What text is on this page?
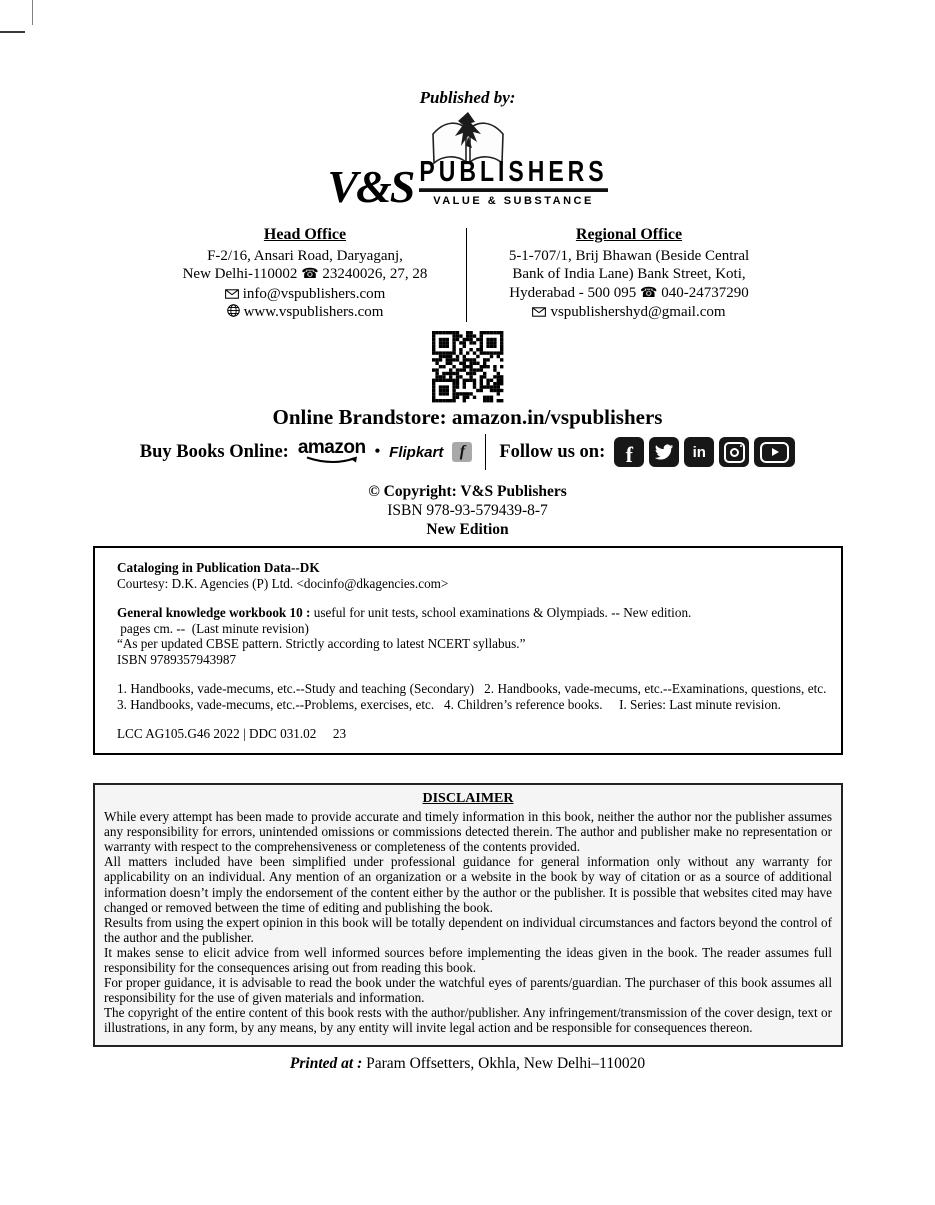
Published by:
V&S PUBLISHERS
VALUE & SUBSTANCE
Head Office
F-2/16, Ansari Road, Daryaganj,
New Delhi-110002 ☎ 23240026, 27, 28
info@vspublishers.com
www.vspublishers.com
Regional Office
5-1-707/1, Brij Bhawan (Beside Central
Bank of India Lane) Bank Street, Koti,
Hyderabad - 500 095 ☎ 040-24737290
vspublishershyd@gmail.com
Online Brandstore: amazon.in/vspublishers
Buy Books Online: amazon • Flipkart	f	Follow us on: f	in
© Copyright: V&S Publishers
ISBN 978-93-579439-8-7
New Edition

Cataloging in Publication Data--DK

Courtesy: D.K. Agencies (P) Ltd. <docinfo@dkagencies.com>

General knowledge workbook 10 : useful for unit tests, school examinations & Olympiads. -- New edition.

pages cm. -- (Last minute revision)

“As per updated CBSE pattern. Strictly according to latest NCERT syllabus.”

ISBN 9789357943987

1. Handbooks, vade-mecums, etc.--Study and teaching (Secondary)  2. Handbooks, vade-mecums, etc.--Examinations, questions, etc.  3. Handbooks, vade-mecums, etc.--Problems, exercises, etc.  4. Children’s reference books.   I. Series: Last minute revision.

LCC AG105.G46 2022 | DDC 031.02   23

DISCLAIMER

While every attempt has been made to provide accurate and timely information in this book, neither the author nor the publisher assumes any responsibility for errors, unintended omissions or commissions detected therein. The author and publisher make no representation or warranty with respect to the comprehensiveness or completeness of the contents provided.

All matters included have been simplified under professional guidance for general information only without any warranty for applicability on an individual. Any mention of an organization or a website in the book by way of citation or as a source of additional information doesn’t imply the endorsement of the content either by the author or the publisher. It is possible that websites cited may have changed or removed between the time of editing and publishing the book.

Results from using the expert opinion in this book will be totally dependent on individual circumstances and factors beyond the control of the author and the publisher.

It makes sense to elicit advice from well informed sources before implementing the ideas given in the book. The reader assumes full responsibility for the consequences arising out from reading this book.

For proper guidance, it is advisable to read the book under the watchful eyes of parents/guardian. The purchaser of this book assumes all responsibility for the use of given materials and information.

The copyright of the entire content of this book rests with the author/publisher. Any infringement/transmission of the cover design, text or illustrations, in any form, by any means, by any entity will invite legal action and be responsible for consequences thereon.

Printed at : Param Offsetters, Okhla, New Delhi–110020
